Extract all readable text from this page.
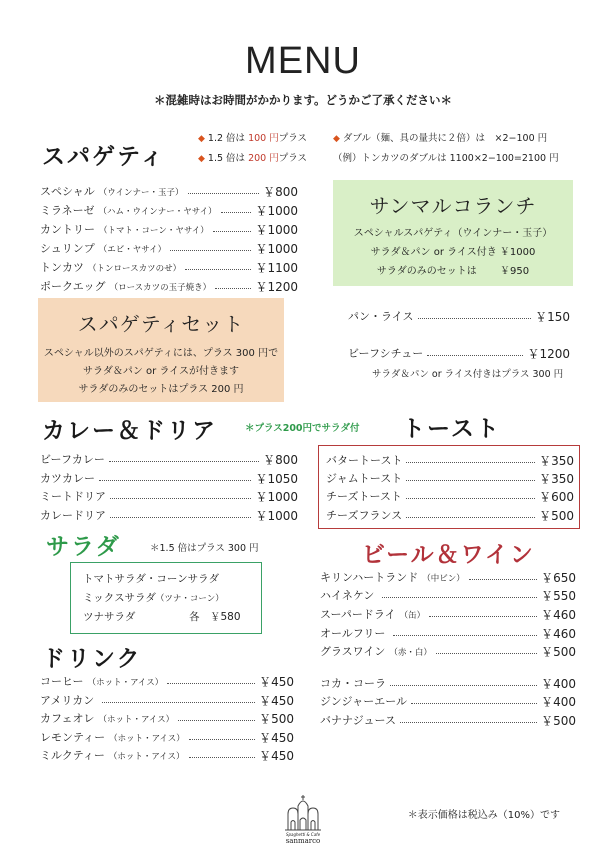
MENU
＊混雑時はお時間がかかります。どうかご了承ください＊
スパゲティ
◆ 1.2 倍は 100 円プラス
◆ 1.5 倍は 200 円プラス
◆ ダブル（麺、具の量共に２倍）は　×2−100 円
（例）トンカツのダブルは 1100×2−100=2100 円
スペシャル （ウインナー・玉子）	￥800
ミラネーゼ （ハム・ウインナー・ヤサイ）	￥1000
カントリー （トマト・コーン・ヤサイ）	￥1000
シュリンプ （エビ・ヤサイ）	￥1000
トンカツ （トンロースカツのせ）	￥1100
ポークエッグ （ロースカツの玉子焼き）	￥1200
サンマルコランチ
スペシャルスパゲティ（ウインナー・玉子）
サラダ＆パン or ライス付き ￥1000
サラダのみのセットは　　 ￥950
スパゲティセット
スペシャル以外のスパゲティには、プラス 300 円で
サラダ＆パン or ライスが付きます
サラダのみのセットはプラス 200 円
パン・ライス	￥150
ビーフシチュー	￥1200
サラダ＆パン or ライス付きはプラス 300 円
カレー＆ドリア	＊プラス200円でサラダ付
ビーフカレー	￥800
カツカレー	￥1050
ミートドリア	￥1000
カレードリア	￥1000
トースト
バタートースト	￥350
ジャムトースト	￥350
チーズトースト	￥600
チーズフランス	￥500
サラダ	＊1.5 倍はプラス 300 円
トマトサラダ・コーンサラダ
ミックスサラダ（ツナ・コーン）
ツナサラダ	各　￥580
ビール＆ワイン
キリンハートランド （中ビン）	￥650
ハイネケン	￥550
スーパードライ （缶）	￥460
オールフリー	￥460
グラスワイン （赤・白）	￥500
ドリンク
コーヒー （ホット・アイス）	￥450
アメリカン	￥450
カフェオレ （ホット・アイス）	￥500
レモンティー （ホット・アイス）	￥450
ミルクティー （ホット・アイス）	￥450
コカ・コーラ	￥400
ジンジャーエール	￥400
バナナジュース	￥500
Spaghetti & Cafe
sanmarco
＊表示価格は税込み（10%）です
